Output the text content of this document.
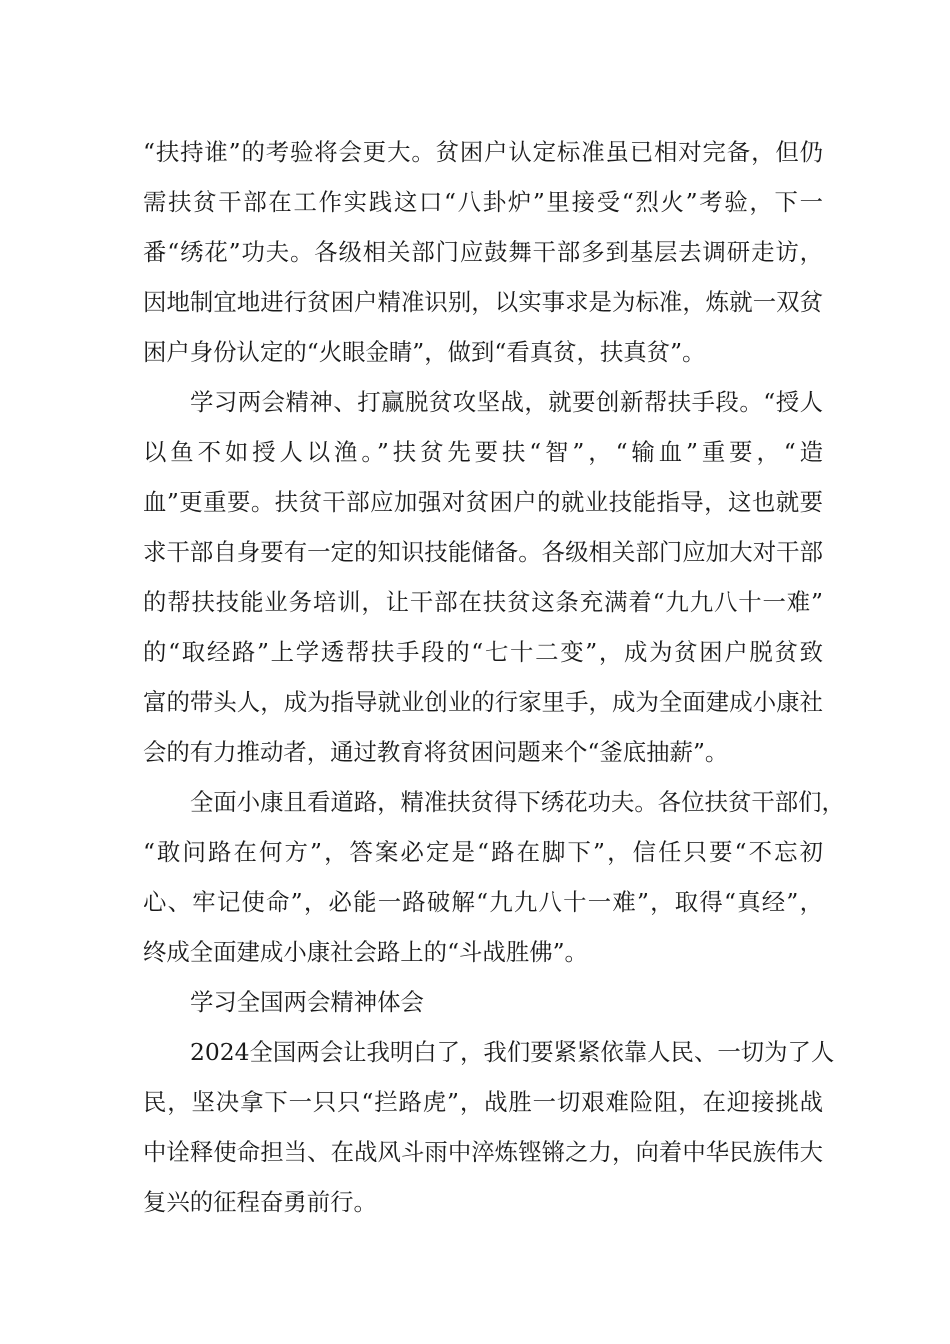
“扶持谁”的考验将会更大。贫困户认定标准虽已相对完备，但仍
需扶贫干部在工作实践这口“八卦炉”里接受“烈火”考验，下一
番“绣花”功夫。各级相关部门应鼓舞干部多到基层去调研走访，
因地制宜地进行贫困户精准识别，以实事求是为标准，炼就一双贫
困户身份认定的“火眼金睛”，做到“看真贫，扶真贫”。
学习两会精神、打赢脱贫攻坚战，就要创新帮扶手段。“授人
以鱼不如授人以渔。”扶贫先要扶“智”，“输血”重要，“造
血”更重要。扶贫干部应加强对贫困户的就业技能指导，这也就要
求干部自身要有一定的知识技能储备。各级相关部门应加大对干部
的帮扶技能业务培训，让干部在扶贫这条充满着“九九八十一难”
的“取经路”上学透帮扶手段的“七十二变”，成为贫困户脱贫致
富的带头人，成为指导就业创业的行家里手，成为全面建成小康社
会的有力推动者，通过教育将贫困问题来个“釜底抽薪”。
全面小康且看道路，精准扶贫得下绣花功夫。各位扶贫干部们，
“敢问路在何方”，答案必定是“路在脚下”，信任只要“不忘初
心、牢记使命”，必能一路破解“九九八十一难”，取得“真经”，
终成全面建成小康社会路上的“斗战胜佛”。
学习全国两会精神体会
2024全国两会让我明白了，我们要紧紧依靠人民、一切为了人
民，坚决拿下一只只“拦路虎”，战胜一切艰难险阻，在迎接挑战
中诠释使命担当、在战风斗雨中淬炼铿锵之力，向着中华民族伟大
复兴的征程奋勇前行。
